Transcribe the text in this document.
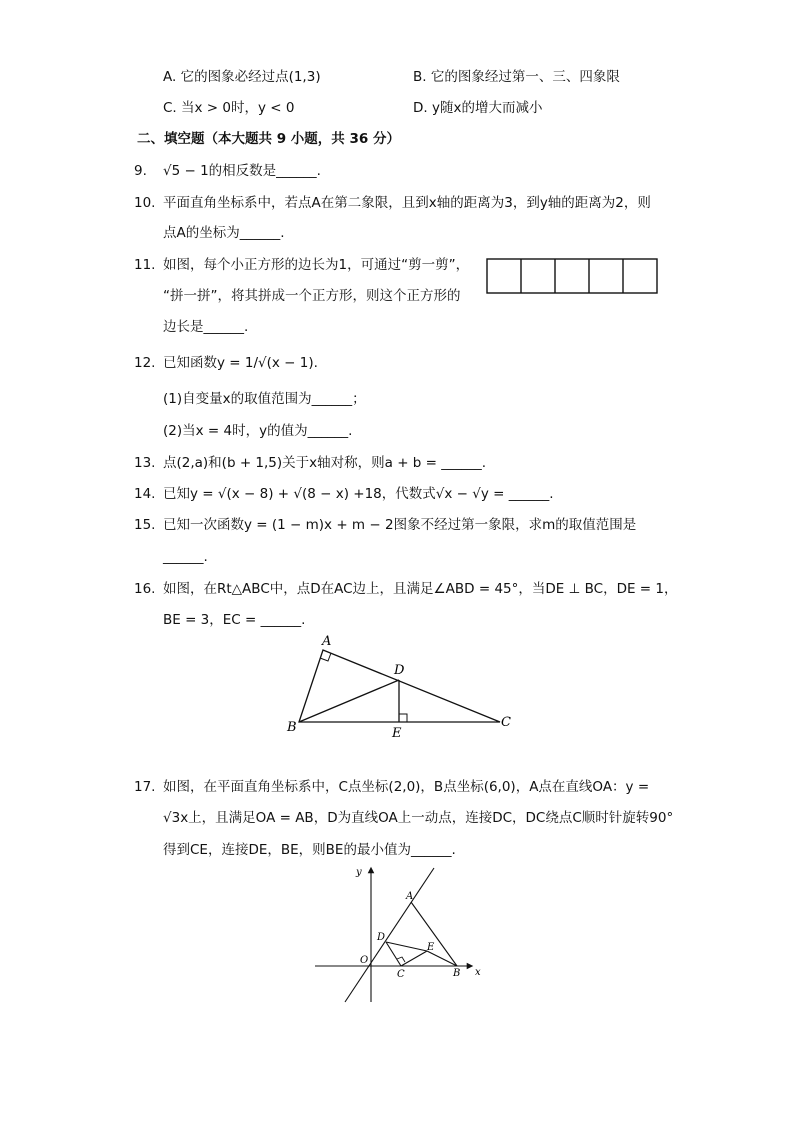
A. 它的图象必经过点(1,3)	B. 它的图象经过第一、三、四象限
C. 当x > 0时，y < 0	D. y随x的增大而减小
二、填空题（本大题共 9 小题，共 36 分）
9. √5 − 1的相反数是______.
10. 平面直角坐标系中，若点A在第二象限，且到x轴的距离为3，到y轴的距离为2，则
点A的坐标为______.
11. 如图，每个小正方形的边长为1，可通过“剪一剪”，
“拼一拼”，将其拼成一个正方形，则这个正方形的
边长是______.
12. 已知函数y = 1/√(x − 1).
(1)自变量x的取值范围为______；
(2)当x = 4时，y的值为______.
13. 点(2,a)和(b + 1,5)关于x轴对称，则a + b = ______.
14. 已知y = √(x − 8) + √(8 − x) +18，代数式√x − √y = ______.
15. 已知一次函数y = (1 − m)x + m − 2图象不经过第一象限，求m的取值范围是
______.
16. 如图，在Rt△ABC中，点D在AC边上，且满足∠ABD = 45°，当DE ⊥ BC，DE = 1，
BE = 3，EC = ______.
A
B	C
D
E
17. 如图，在平面直角坐标系中，C点坐标(2,0)，B点坐标(6,0)，A点在直线OA：y =
√3x上，且满足OA = AB，D为直线OA上一动点，连接DC，DC绕点C顺时针旋转90°
得到CE，连接DE，BE，则BE的最小值为______.
y
x
O
A
B
C
D
E
